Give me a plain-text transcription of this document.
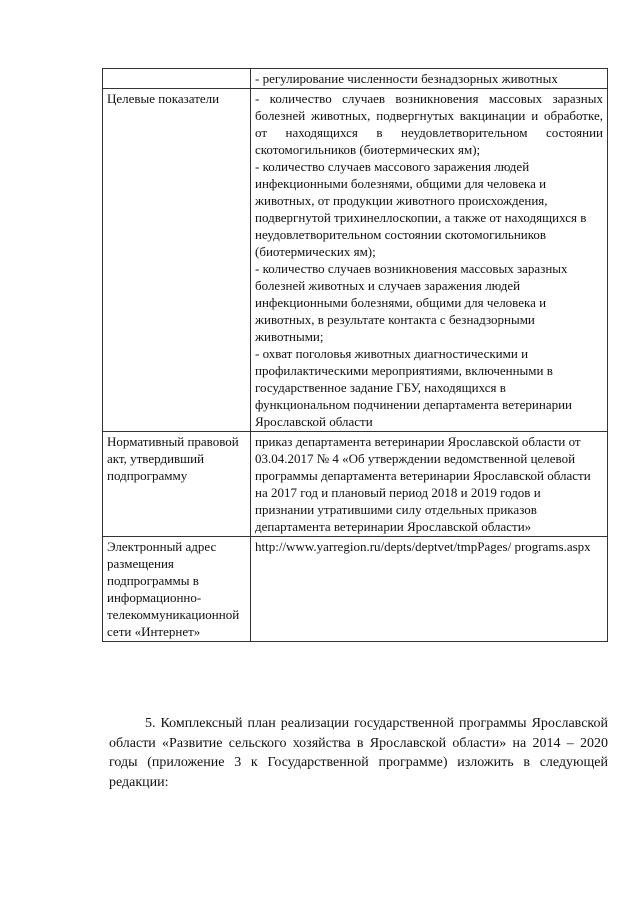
	- регулирование численности безнадзорных животных

Целевые показатели	- количество случаев возникновения массовых заразных болезней животных, подвергнутых вакцинации и обработке, от находящихся в неудовлетворительном состоянии скотомогильников (биотермических ям);
- количество случаев массового заражения людей инфекционными болезнями, общими для человека и животных, от продукции животного происхождения, подвергнутой трихинеллоскопии, а также от находящихся в неудовлетворительном состоянии скотомогильников (биотермических ям);
- количество случаев возникновения массовых заразных болезней животных и случаев заражения людей инфекционными болезнями, общими для человека и животных, в результате контакта с безнадзорными животными;
- охват поголовья животных диагностическими и профилактическими мероприятиями, включенными в государственное задание ГБУ, находящихся в функциональном подчинении департамента ветеринарии Ярославской области

Нормативный правовой акт, утвердивший подпрограмму	приказ департамента ветеринарии Ярославской области от 03.04.2017 № 4 «Об утверждении ведомственной целевой программы департамента ветеринарии Ярославской области на 2017 год и плановый период 2018 и 2019 годов и признании утратившими силу отдельных приказов департамента ветеринарии Ярославской области»

Электронный адрес размещения подпрограммы в информационно-телекоммуникационной сети «Интернет»	http://www.yarregion.ru/depts/deptvet/tmpPages/ programs.aspx

5. Комплексный план реализации государственной программы Ярославской области «Развитие сельского хозяйства в Ярославской области» на 2014 – 2020 годы (приложение 3 к Государственной программе) изложить в следующей редакции:
